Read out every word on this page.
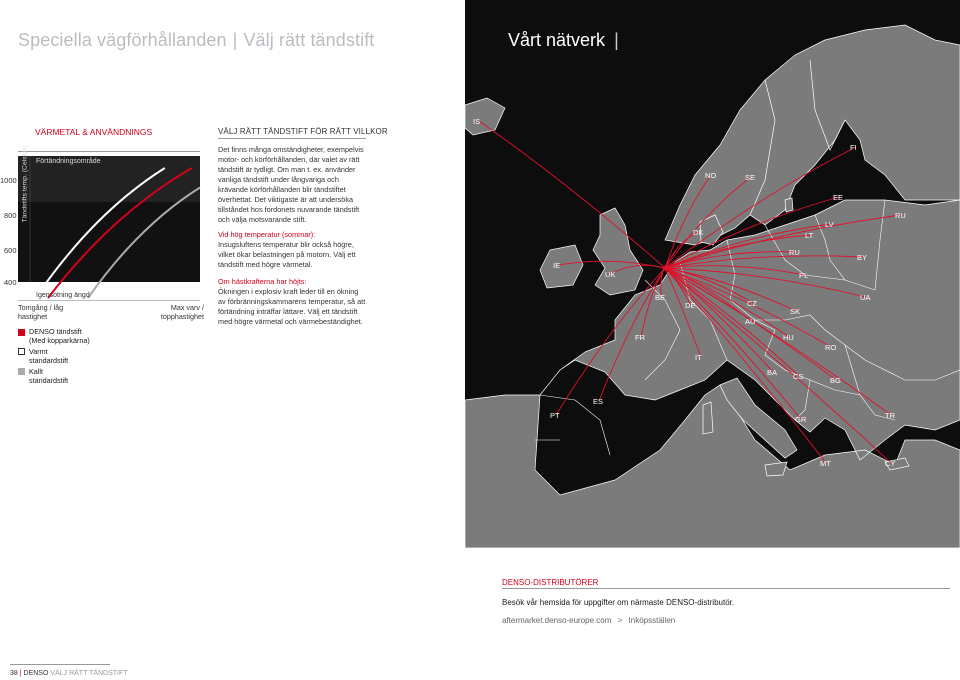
Speciella vägförhållanden | Välj rätt tändstift
VÄRMETAL & ANVÄNDNINGS
Tändstifts temp. (Celsius) Förtändningsområde
Igensotning ängd
1000
800
600
400
Tomgång / låg hastighet
Max varv / topphastighet
DENSO tändstift
(Med kopparkärna)
Varmt
standardstift
Kallt
standardstift
VÄLJ RÄTT TÄNDSTIFT FÖR RÄTT VILLKOR
Det finns många omständigheter, exempelvis motor- och körförhållanden, där valet av rätt tändstift är tydligt. Om man t. ex. använder vanliga tändstift under långvariga och krävande körförhållanden blir tändstiftet överhettat. Det viktigaste är att undersöka tillståndet hos fordonets nuvarande tändstift och välja motsvarande stift.
Vid hög temperatur (sommar):
Insugsluftens temperatur blir också högre, vilket ökar belastningen på motorn. Välj ett tändstift med högre värmetal.
Om hästkrafterna har höjts:
Ökningen i explosiv kraft leder till en ökning av förbränningskammarens temperatur, så att förtändning inträffar lättare. Välj ett tändstift med högre värmetal och värmebeständighet.
IS
FI
NO	SE
EE
RU
LV
DK	LT
BY
RU
IE
UK	PL
BE
DE	CZ
UA
SK
AU
FR	HU
RO
IT
BA CS	BG
PT
ES
GR	TR
MT	CY
Vårt nätverk |
DENSO-DISTRIBUTÖRER
Besök vår hemsida för uppgifter om närmaste DENSO-distributör.
aftermarket.denso-europe.com > Inköpsställen
38 | DENSO VÄLJ RÄTT TÄNDSTIFT
